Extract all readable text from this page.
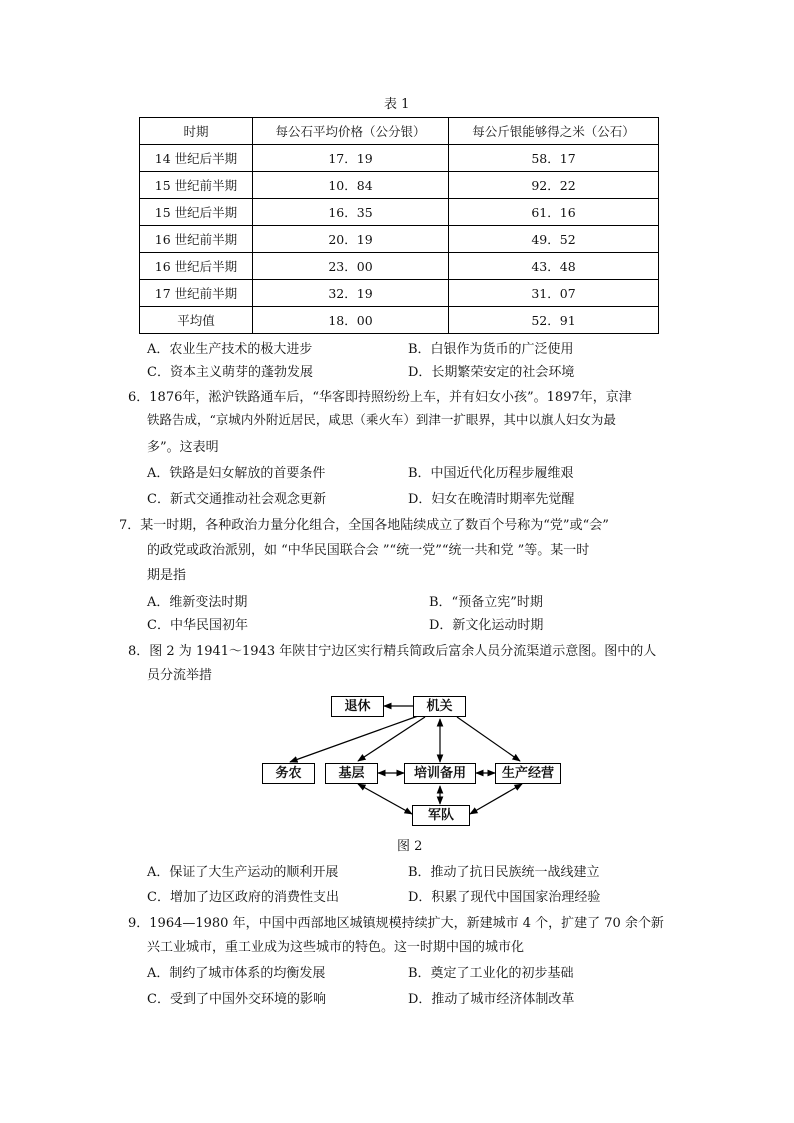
表 1
时期	每公石平均价格（公分银）	每公斤银能够得之米（公石）
14 世纪后半期	17．19	58．17
15 世纪前半期	10．84	92．22
15 世纪后半期	16．35	61．16
16 世纪前半期	20．19	49．52
16 世纪后半期	23．00	43．48
17 世纪前半期	32．19	31．07
平均值	18．00	52．91
A．农业生产技术的极大进步	B．白银作为货币的广泛使用
C．资本主义萌芽的蓬勃发展	D．长期繁荣安定的社会环境
6．1876年，淞沪铁路通车后，“华客即持照纷纷上车，并有妇女小孩”。1897年，京津
铁路告成，“京城内外附近居民，咸思（乘火车）到津一扩眼界，其中以旗人妇女为最
多”。这表明
A．铁路是妇女解放的首要条件	B．中国近代化历程步履维艰
C．新式交通推动社会观念更新	D．妇女在晚清时期率先觉醒
7．某一时期，各种政治力量分化组合，全国各地陆续成立了数百个号称为“党”或“会”
的政党或政治派别，如 “中华民国联合会 ”“统一党”“统一共和党 ”等。某一时
期是指
A．维新变法时期	B．“预备立宪”时期
C．中华民国初年	D．新文化运动时期
8．图 2 为 1941～1943 年陕甘宁边区实行精兵简政后富余人员分流渠道示意图。图中的人
员分流举措
退休	机关
务农	基层	培训备用	生产经营
军队
图 2
A．保证了大生产运动的顺利开展	B．推动了抗日民族统一战线建立
C．增加了边区政府的消费性支出	D．积累了现代中国国家治理经验
9．1964—1980 年，中国中西部地区城镇规模持续扩大，新建城市 4 个，扩建了 70 余个新
兴工业城市，重工业成为这些城市的特色。这一时期中国的城市化
A．制约了城市体系的均衡发展	B．奠定了工业化的初步基础
C．受到了中国外交环境的影响	D．推动了城市经济体制改革
